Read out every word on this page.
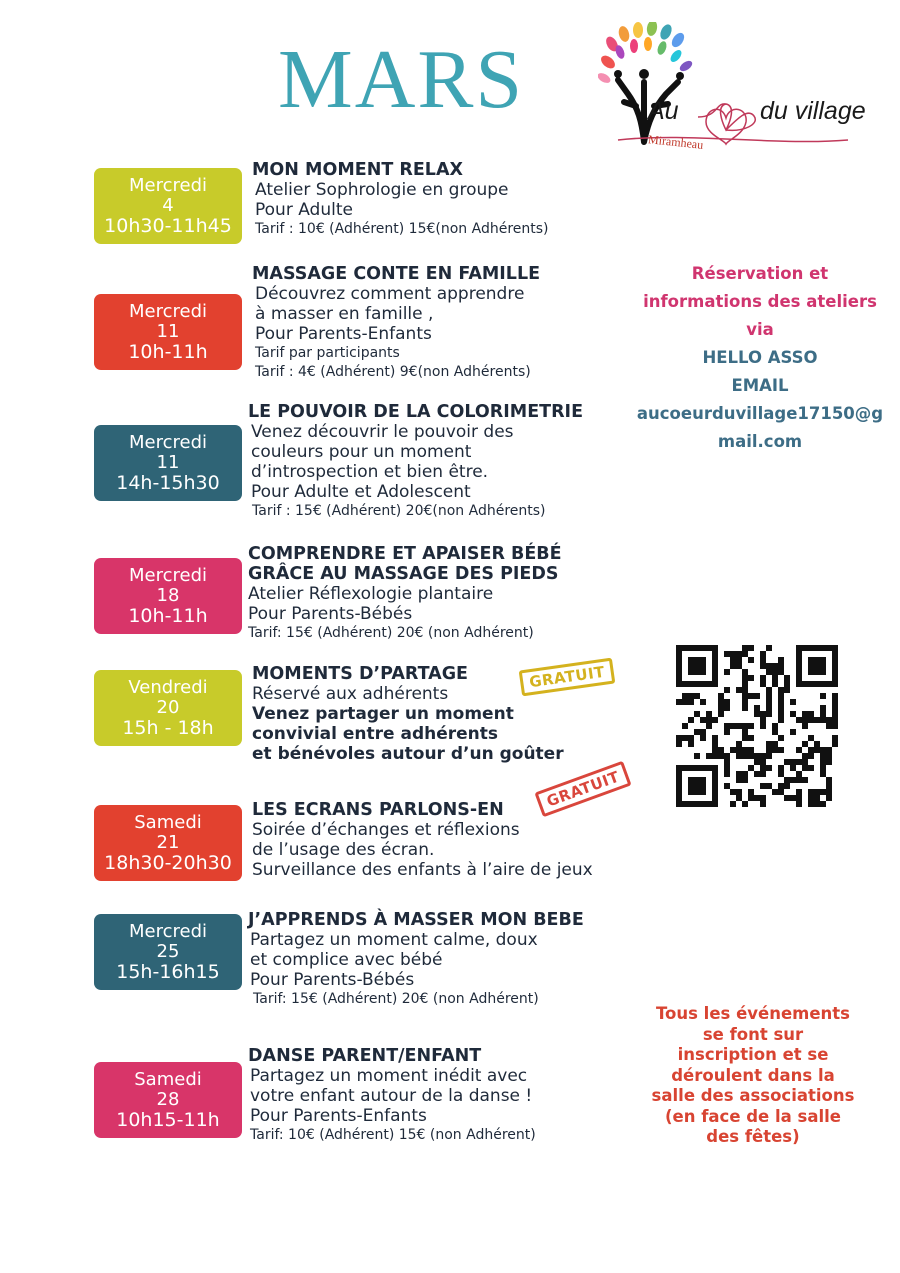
MARS	Au	du village
Miramheau
Mercredi
4
10h30-11h45
MON MOMENT RELAX
Atelier Sophrologie en groupe
Pour Adulte
Tarif : 10€ (Adhérent) 15€(non Adhérents)
Mercredi
11
10h-11h
MASSAGE CONTE EN FAMILLE
Découvrez comment apprendre
à masser en famille ,
Pour Parents-Enfants
Tarif par participants
Tarif : 4€ (Adhérent) 9€(non Adhérents)
Mercredi
11
14h-15h30
LE POUVOIR DE LA COLORIMETRIE
Venez découvrir le pouvoir des
couleurs pour un moment
d’introspection et bien être.
Pour Adulte et Adolescent
Tarif : 15€ (Adhérent) 20€(non Adhérents)
Mercredi
18
10h-11h
COMPRENDRE ET APAISER BÉBÉ
GRÂCE AU MASSAGE DES PIEDS
Atelier Réflexologie plantaire
Pour Parents-Bébés
Tarif: 15€ (Adhérent) 20€ (non Adhérent)
Vendredi
20
15h - 18h
MOMENTS D’PARTAGE
Réservé aux adhérents
Venez partager un moment
convivial entre adhérents
et bénévoles autour d’un goûter
GRATUIT
Samedi
21
18h30-20h30
LES ECRANS PARLONS-EN
Soirée d’échanges et réflexions
de l’usage des écran.
Surveillance des enfants à l’aire de jeux
GRATUIT
Mercredi
25
15h-16h15
J’APPRENDS À MASSER MON BEBE
Partagez un moment calme, doux
et complice avec bébé
Pour Parents-Bébés
Tarif: 15€ (Adhérent) 20€ (non Adhérent)
Samedi
28
10h15-11h
DANSE PARENT/ENFANT
Partagez un moment inédit avec
votre enfant autour de la danse !
Pour Parents-Enfants
Tarif: 10€ (Adhérent) 15€ (non Adhérent)
Réservation et
informations des ateliers
via
HELLO ASSO
EMAIL
aucoeurduvillage17150@g
mail.com
Tous les événements
se font sur
inscription et se
déroulent dans la
salle des associations
(en face de la salle
des fêtes)
